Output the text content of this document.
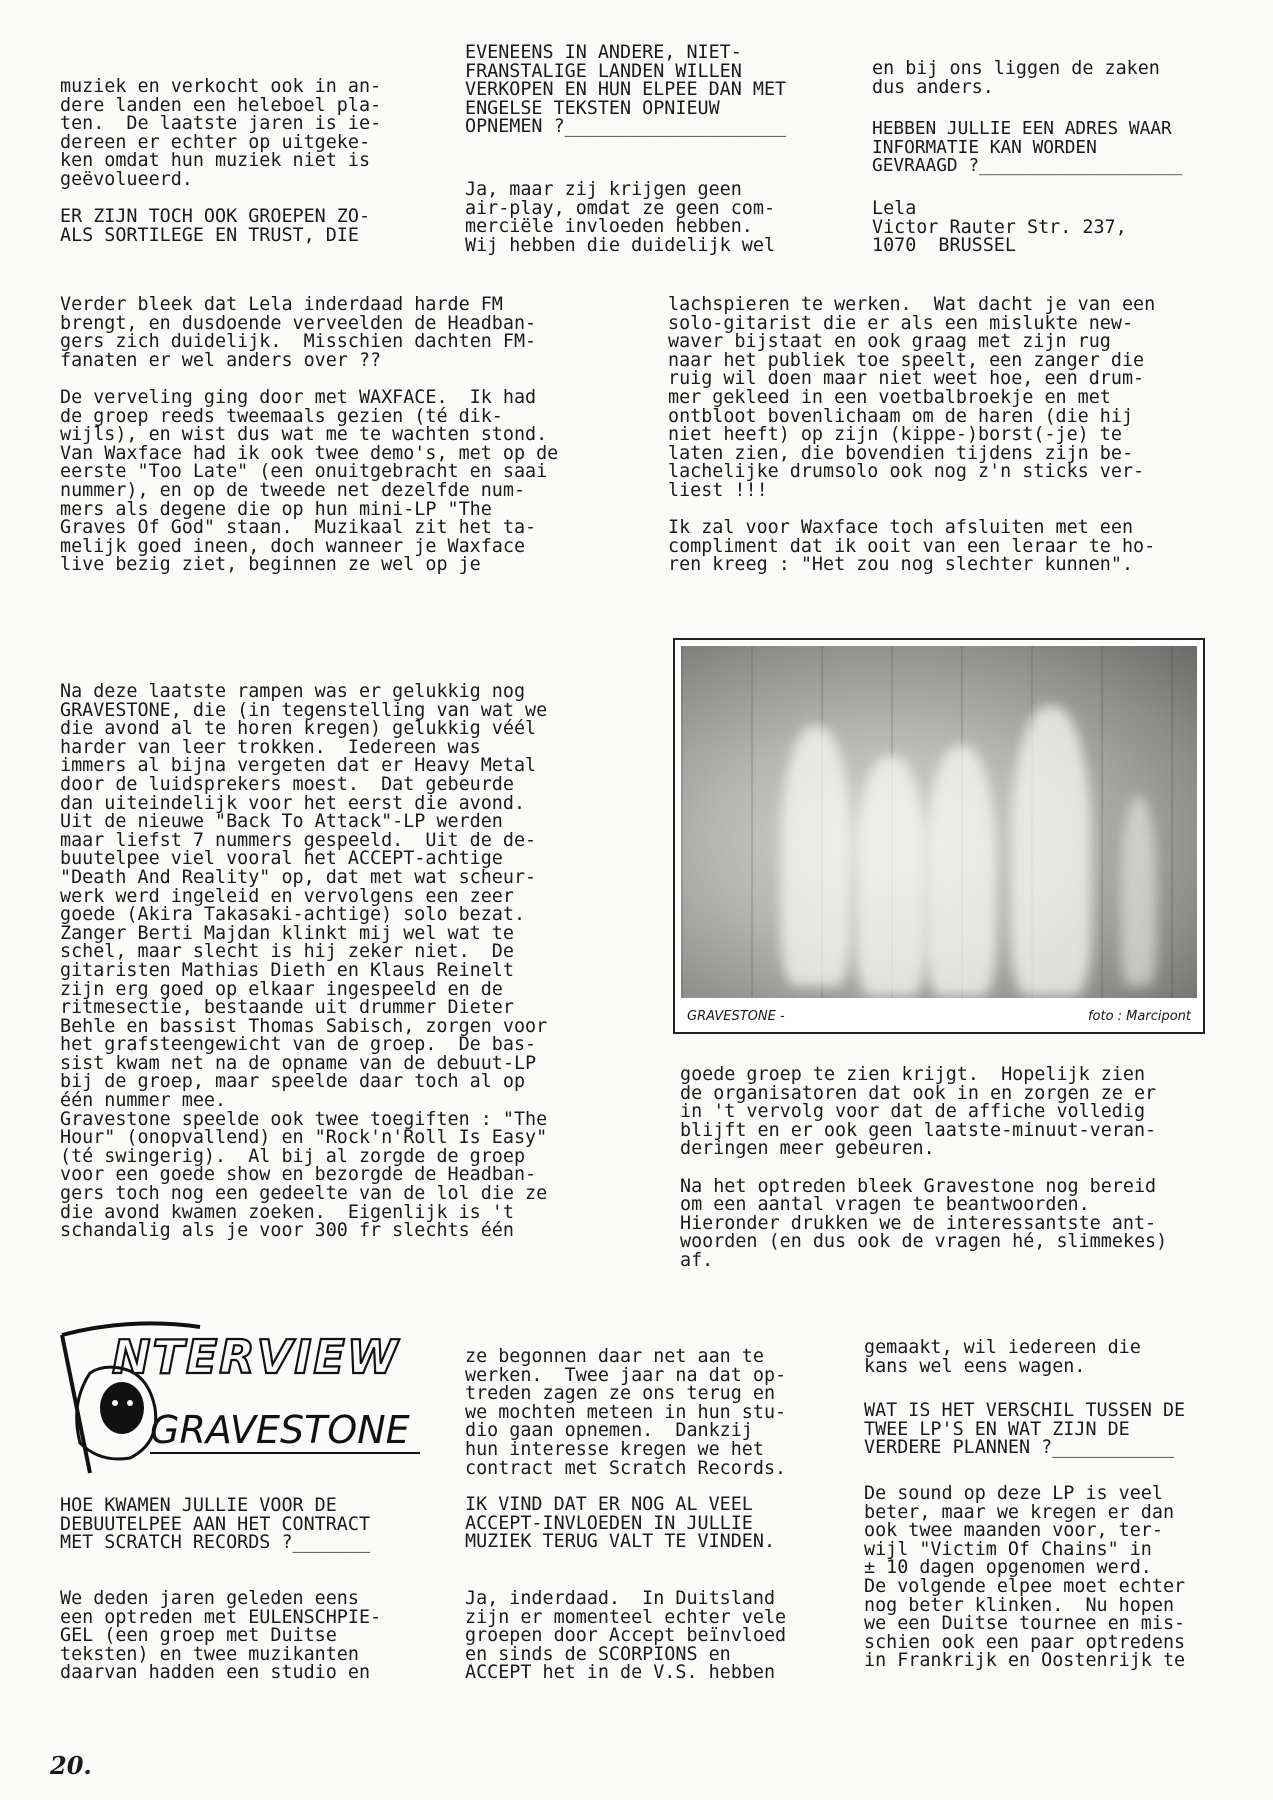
muziek en verkocht ook in an-
dere landen een heleboel pla-
ten.  De laatste jaren is ie-
dereen er echter op uitgeke-
ken omdat hun muziek niet is
geëvolueerd.

ER ZIJN TOCH OOK GROEPEN ZO-
ALS SORTILEGE EN TRUST, DIE
EVENEENS IN ANDERE, NIET-
FRANSTALIGE LANDEN WILLEN
VERKOPEN EN HUN ELPEE DAN MET
ENGELSE TEKSTEN OPNIEUW
OPNEMEN ?____________________
Ja, maar zij krijgen geen
air-play, omdat ze geen com-
merciële invloeden hebben.
Wij hebben die duidelijk wel
en bij ons liggen de zaken
dus anders.
HEBBEN JULLIE EEN ADRES WAAR
INFORMATIE KAN WORDEN
GEVRAAGD ?___________________
Lela
Victor Rauter Str. 237,
1070  BRUSSEL
Verder bleek dat Lela inderdaad harde FM
brengt, en dusdoende verveelden de Headban-
gers zich duidelijk.  Misschien dachten FM-
fanaten er wel anders over ??

De verveling ging door met WAXFACE.  Ik had
de groep reeds tweemaals gezien (té dik-
wijls), en wist dus wat me te wachten stond.
Van Waxface had ik ook twee demo's, met op de
eerste "Too Late" (een onuitgebracht en saai
nummer), en op de tweede net dezelfde num-
mers als degene die op hun mini-LP "The
Graves Of God" staan.  Muzikaal zit het ta-
melijk goed ineen, doch wanneer je Waxface
live bezig ziet, beginnen ze wel op je
lachspieren te werken.  Wat dacht je van een
solo-gitarist die er als een mislukte new-
waver bijstaat en ook graag met zijn rug
naar het publiek toe speelt, een zanger die
ruig wil doen maar niet weet hoe, een drum-
mer gekleed in een voetbalbroekje en met
ontbloot bovenlichaam om de haren (die hij
niet heeft) op zijn (kippe-)borst(-je) te
laten zien, die bovendien tijdens zijn be-
lachelijke drumsolo ook nog z'n sticks ver-
liest !!!

Ik zal voor Waxface toch afsluiten met een
compliment dat ik ooit van een leraar te ho-
ren kreeg : "Het zou nog slechter kunnen".
Na deze laatste rampen was er gelukkig nog
GRAVESTONE, die (in tegenstelling van wat we
die avond al te horen kregen) gelukkig véél
harder van leer trokken.  Iedereen was
immers al bijna vergeten dat er Heavy Metal
door de luidsprekers moest.  Dat gebeurde
dan uiteindelijk voor het eerst die avond.
Uit de nieuwe "Back To Attack"-LP werden
maar liefst 7 nummers gespeeld.  Uit de de-
buutelpee viel vooral het ACCEPT-achtige
"Death And Reality" op, dat met wat scheur-
werk werd ingeleid en vervolgens een zeer
goede (Akira Takasaki-achtige) solo bezat.
Zanger Berti Majdan klinkt mij wel wat te
schel, maar slecht is hij zeker niet.  De
gitaristen Mathias Dieth en Klaus Reinelt
zijn erg goed op elkaar ingespeeld en de
ritmesectie, bestaande uit drummer Dieter
Behle en bassist Thomas Sabisch, zorgen voor
het grafsteengewicht van de groep.  De bas-
sist kwam net na de opname van de debuut-LP
bij de groep, maar speelde daar toch al op
één nummer mee.
Gravestone speelde ook twee toegiften : "The
Hour" (onopvallend) en "Rock'n'Roll Is Easy"
(té swingerig).  Al bij al zorgde de groep
voor een goede show en bezorgde de Headban-
gers toch nog een gedeelte van de lol die ze
die avond kwamen zoeken.  Eigenlijk is 't
schandalig als je voor 300 fr slechts één
GRAVESTONE -	foto : Marcipont
goede groep te zien krijgt.  Hopelijk zien
de organisatoren dat ook in en zorgen ze er
in 't vervolg voor dat de affiche volledig
blijft en er ook geen laatste-minuut-veran-
deringen meer gebeuren.

Na het optreden bleek Gravestone nog bereid
om een aantal vragen te beantwoorden.
Hieronder drukken we de interessantste ant-
woorden (en dus ook de vragen hé, slimmekes)
af.
NTERVIEW
GRAVESTONE
HOE KWAMEN JULLIE VOOR DE
DEBUUTELPEE AAN HET CONTRACT
MET SCRATCH RECORDS ?_______
We deden jaren geleden eens
een optreden met EULENSCHPIE-
GEL (een groep met Duitse
teksten) en twee muzikanten
daarvan hadden een studio en
ze begonnen daar net aan te
werken.  Twee jaar na dat op-
treden zagen ze ons terug en
we mochten meteen in hun stu-
dio gaan opnemen.  Dankzij
hun interesse kregen we het
contract met Scratch Records.
IK VIND DAT ER NOG AL VEEL
ACCEPT-INVLOEDEN IN JULLIE
MUZIEK TERUG VALT TE VINDEN.
Ja, inderdaad.  In Duitsland
zijn er momenteel echter vele
groepen door Accept beïnvloed
en sinds de SCORPIONS en
ACCEPT het in de V.S. hebben
gemaakt, wil iedereen die
kans wel eens wagen.
WAT IS HET VERSCHIL TUSSEN DE
TWEE LP'S EN WAT ZIJN DE
VERDERE PLANNEN ?___________
De sound op deze LP is veel
beter, maar we kregen er dan
ook twee maanden voor, ter-
wijl "Victim Of Chains" in
± 10 dagen opgenomen werd.
De volgende elpee moet echter
nog beter klinken.  Nu hopen
we een Duitse tournee en mis-
schien ook een paar optredens
in Frankrijk en Oostenrijk te
20.
